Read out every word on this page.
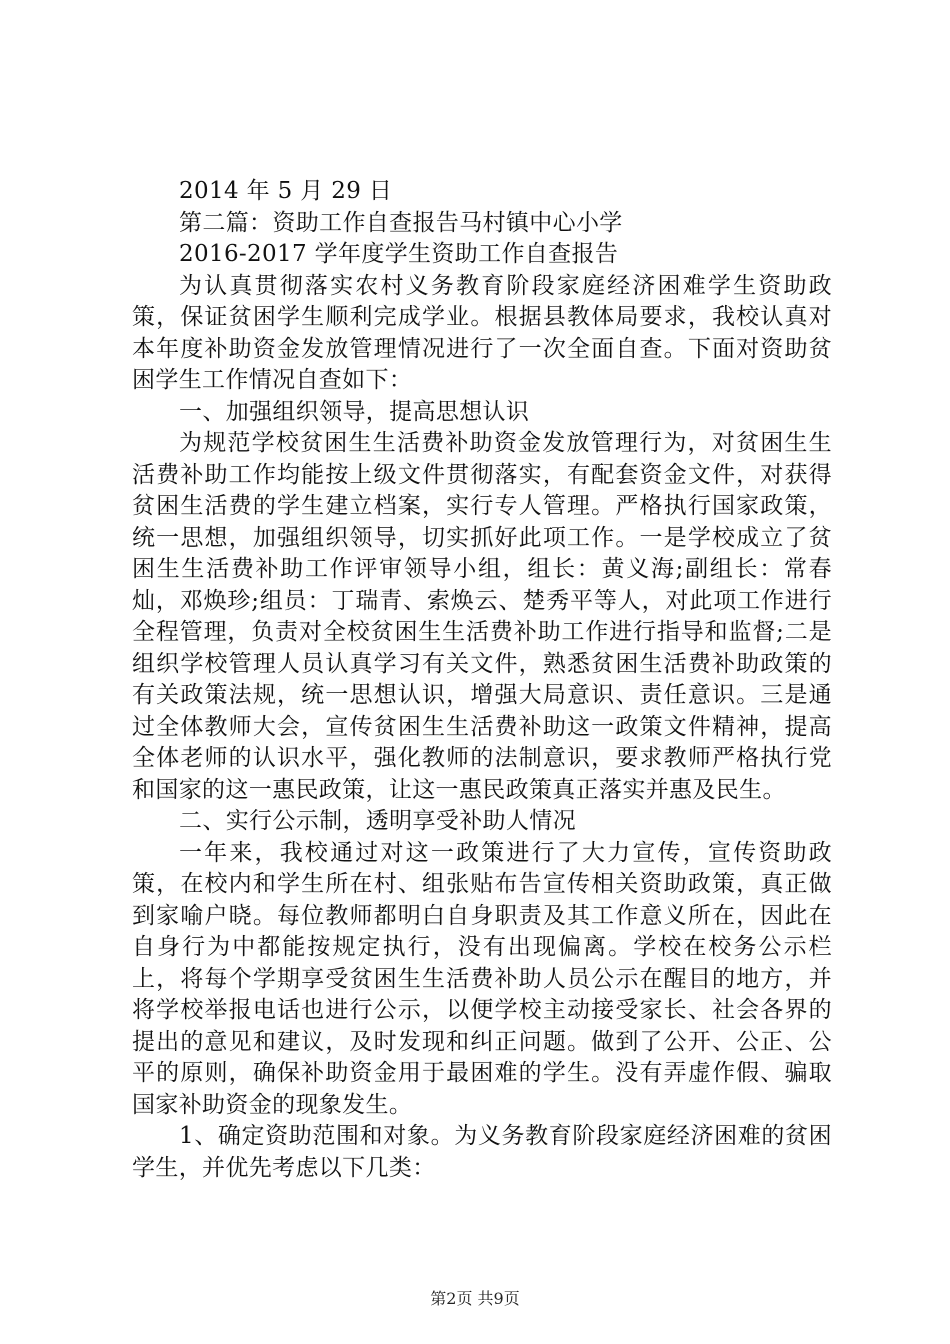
2014 年 5 月 29 日
第二篇：资助工作自查报告马村镇中心小学
2016-2017 学年度学生资助工作自查报告
为认真贯彻落实农村义务教育阶段家庭经济困难学生资助政策，保证贫困学生顺利完成学业。根据县教体局要求，我校认真对本年度补助资金发放管理情况进行了一次全面自查。下面对资助贫困学生工作情况自查如下：
一、加强组织领导，提高思想认识
为规范学校贫困生生活费补助资金发放管理行为，对贫困生生活费补助工作均能按上级文件贯彻落实，有配套资金文件，对获得贫困生活费的学生建立档案，实行专人管理。严格执行国家政策，统一思想，加强组织领导，切实抓好此项工作。一是学校成立了贫困生生活费补助工作评审领导小组，组长：黄义海;副组长：常春灿，邓焕珍;组员：丁瑞青、索焕云、楚秀平等人，对此项工作进行全程管理，负责对全校贫困生生活费补助工作进行指导和监督;二是组织学校管理人员认真学习有关文件，熟悉贫困生活费补助政策的有关政策法规，统一思想认识，增强大局意识、责任意识。三是通过全体教师大会，宣传贫困生生活费补助这一政策文件精神，提高全体老师的认识水平，强化教师的法制意识，要求教师严格执行党和国家的这一惠民政策，让这一惠民政策真正落实并惠及民生。
二、实行公示制，透明享受补助人情况
一年来，我校通过对这一政策进行了大力宣传，宣传资助政策，在校内和学生所在村、组张贴布告宣传相关资助政策，真正做到家喻户晓。每位教师都明白自身职责及其工作意义所在，因此在自身行为中都能按规定执行，没有出现偏离。学校在校务公示栏上，将每个学期享受贫困生生活费补助人员公示在醒目的地方，并将学校举报电话也进行公示，以便学校主动接受家长、社会各界的提出的意见和建议，及时发现和纠正问题。做到了公开、公正、公平的原则，确保补助资金用于最困难的学生。没有弄虚作假、骗取国家补助资金的现象发生。
1、确定资助范围和对象。为义务教育阶段家庭经济困难的贫困学生，并优先考虑以下几类：
第2页 共9页
